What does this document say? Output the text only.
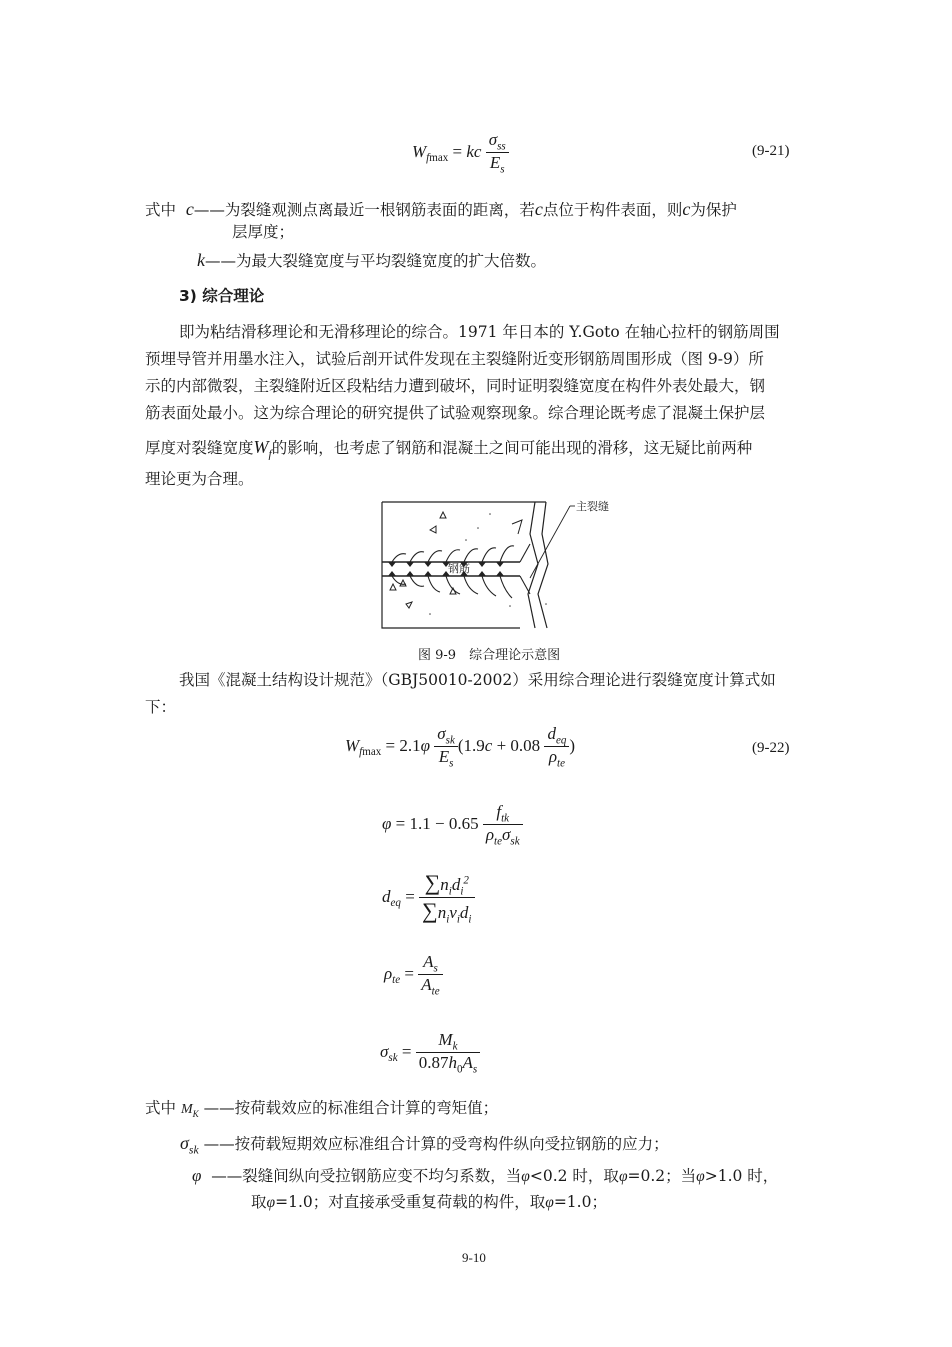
$W_{fmax}$ = kc $\frac{\sigma_{ss}}{E_s}$	(9-21)
式中 c——为裂缝观测点离最近一根钢筋表面的距离，若c点位于构件表面，则c为保护
层厚度；
k——为最大裂缝宽度与平均裂缝宽度的扩大倍数。
3) 综合理论
即为粘结滑移理论和无滑移理论的综合。1971 年日本的 Y.Goto 在轴心拉杆的钢筋周围
预埋导管并用墨水注入，试验后剖开试件发现在主裂缝附近变形钢筋周围形成（图 9-9）所
示的内部微裂，主裂缝附近区段粘结力遭到破坏，同时证明裂缝宽度在构件外表处最大，钢
筋表面处最小。这为综合理论的研究提供了试验观察现象。综合理论既考虑了混凝土保护层
厚度对裂缝宽度$W_f$的影响，也考虑了钢筋和混凝土之间可能出现的滑移，这无疑比前两种
理论更为合理。
主裂缝
钢筋
图 9-9　综合理论示意图
我国《混凝土结构设计规范》（GBJ50010-2002）采用综合理论进行裂缝宽度计算式如
下：
$W_{fmax} = 2.1\varphi \frac{\sigma_{sk}}{E_s} (1.9c + 0.08 \frac{d_{eq}}{\rho_{te}}$ )	(9-22)
$\varphi = 1.1 - 0.65 \frac{f_{tk}}{\rho_{te}\sigma_{sk}}$
$d_{eq} = \frac{\sum n_id_i^2}{\sum n_iv_id_i}$
$\rho_{te} = \frac{A_s}{A_{te}}$
$\sigma_{sk} = \frac{M_k}{0.87h_0A_s}$
式中 $M_K$ ——按荷载效应的标准组合计算的弯矩值；
$\sigma_{sk}$ ——按荷载短期效应标准组合计算的受弯构件纵向受拉钢筋的应力；
φ ——裂缝间纵向受拉钢筋应变不均匀系数，当φ<0.2 时，取φ=0.2；当φ>1.0 时，
取φ=1.0；对直接承受重复荷载的构件，取φ=1.0；
9-10
